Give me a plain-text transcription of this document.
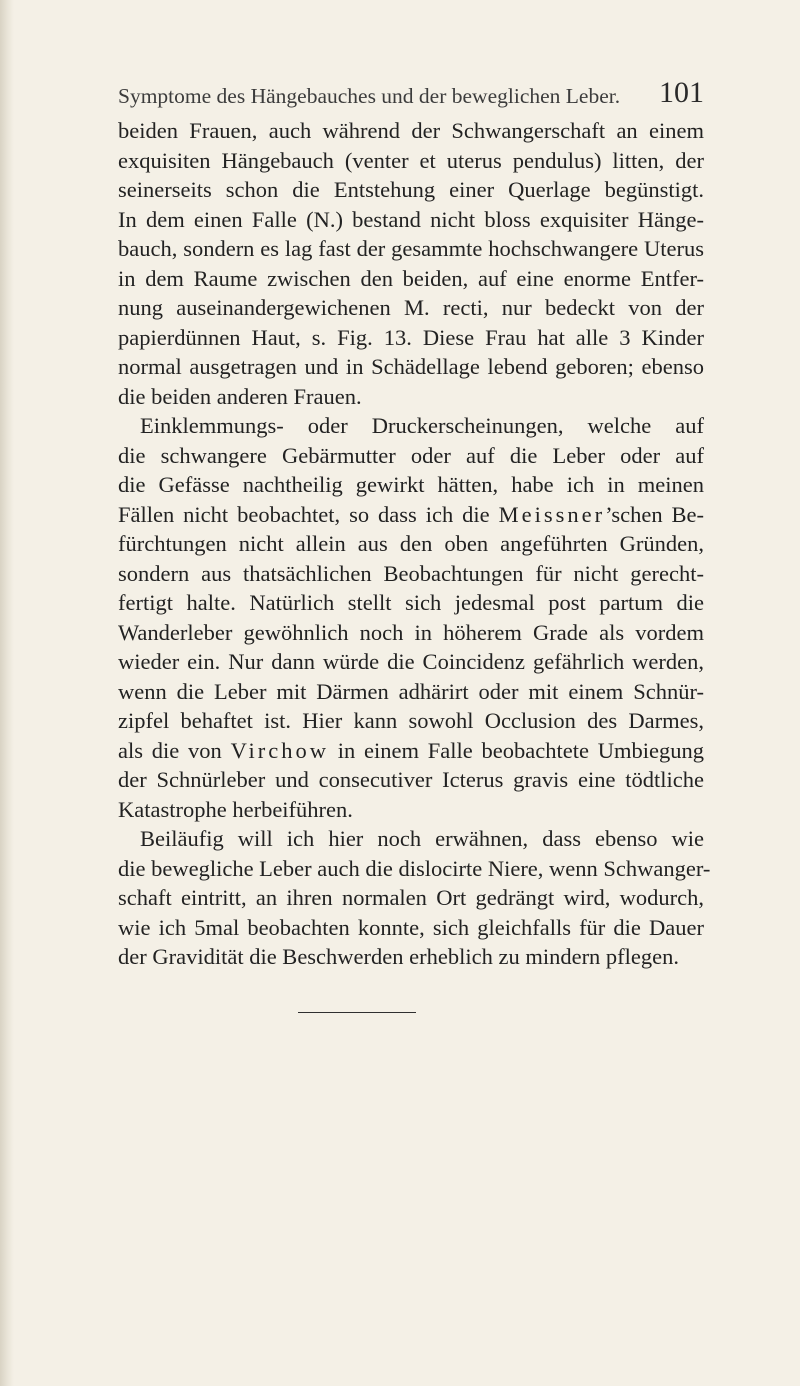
Symptome des Hängebauches und der beweglichen Leber. 101
beiden Frauen, auch während der Schwangerschaft an einem
exquisiten Hängebauch (venter et uterus pendulus) litten, der
seinerseits schon die Entstehung einer Querlage begünstigt.
In dem einen Falle (N.) bestand nicht bloss exquisiter Hänge-
bauch, sondern es lag fast der gesammte hochschwangere Uterus
in dem Raume zwischen den beiden, auf eine enorme Entfer-
nung auseinandergewichenen M. recti, nur bedeckt von der
papierdünnen Haut, s. Fig. 13. Diese Frau hat alle 3 Kinder
normal ausgetragen und in Schädellage lebend geboren; ebenso
die beiden anderen Frauen.
Einklemmungs- oder Druckerscheinungen, welche auf
die schwangere Gebärmutter oder auf die Leber oder auf
die Gefässe nachtheilig gewirkt hätten, habe ich in meinen
Fällen nicht beobachtet, so dass ich die Meissner’schen Be-
fürchtungen nicht allein aus den oben angeführten Gründen,
sondern aus thatsächlichen Beobachtungen für nicht gerecht-
fertigt halte. Natürlich stellt sich jedesmal post partum die
Wanderleber gewöhnlich noch in höherem Grade als vordem
wieder ein. Nur dann würde die Coincidenz gefährlich werden,
wenn die Leber mit Därmen adhärirt oder mit einem Schnür-
zipfel behaftet ist. Hier kann sowohl Occlusion des Darmes,
als die von Virchow in einem Falle beobachtete Umbiegung
der Schnürleber und consecutiver Icterus gravis eine tödtliche
Katastrophe herbeiführen.
Beiläufig will ich hier noch erwähnen, dass ebenso wie
die bewegliche Leber auch die dislocirte Niere, wenn Schwanger-
schaft eintritt, an ihren normalen Ort gedrängt wird, wodurch,
wie ich 5mal beobachten konnte, sich gleichfalls für die Dauer
der Gravidität die Beschwerden erheblich zu mindern pflegen.
